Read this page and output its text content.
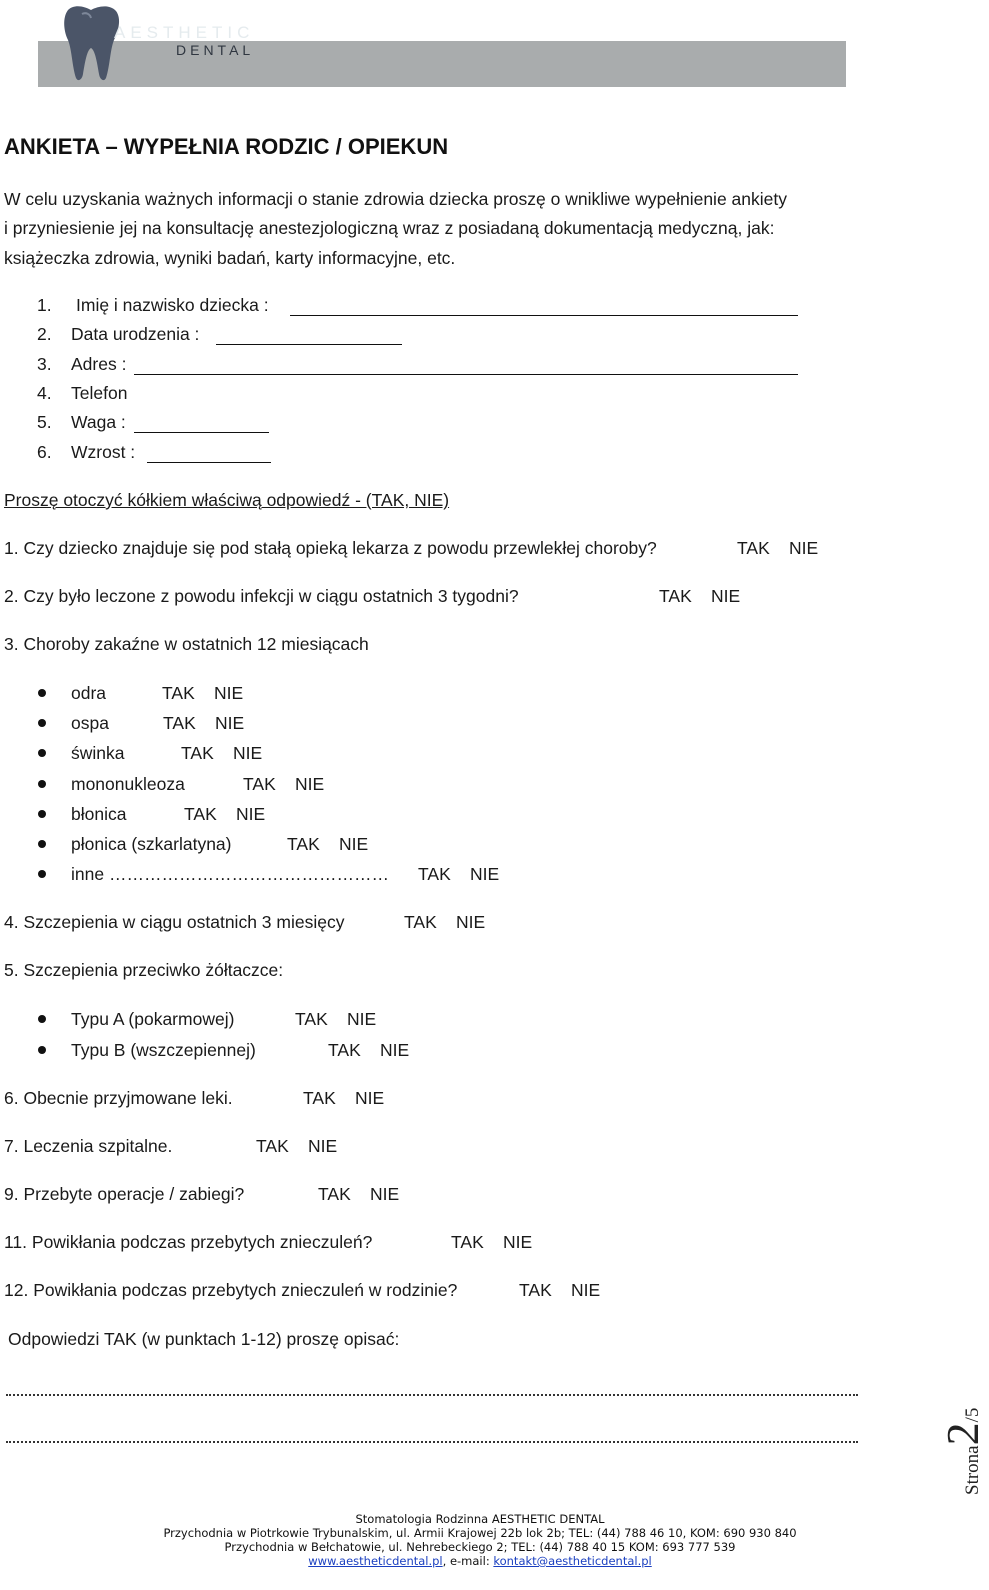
AESTHETIC
DENTAL
ANKIETA – WYPEŁNIA RODZIC / OPIEKUN
W celu uzyskania ważnych informacji o stanie zdrowia dziecka proszę o wnikliwe wypełnienie ankiety
i przyniesienie jej na konsultację anestezjologiczną wraz z posiadaną dokumentacją medyczną, jak:
książeczka zdrowia, wyniki badań, karty informacyjne, etc.
1. Imię i nazwisko dziecka :
2. Data urodzenia :
3. Adres :
4. Telefon
5. Waga :
6. Wzrost :
Proszę otoczyć kółkiem właściwą odpowiedź - (TAK, NIE)
1. Czy dziecko znajduje się pod stałą opieką lekarza z powodu przewlekłej choroby?	TAK NIE
2. Czy było leczone z powodu infekcji w ciągu ostatnich 3 tygodni?	TAK NIE
3. Choroby zakaźne w ostatnich 12 miesiącach
odra	TAK NIE
ospa	TAK NIE
świnka	TAK NIE
mononukleoza	TAK NIE
błonica	TAK NIE
płonica (szkarlatyna)	TAK NIE
inne ………………………………………… TAK NIE
4. Szczepienia w ciągu ostatnich 3 miesięcy	TAK NIE
5. Szczepienia przeciwko żółtaczce:
Typu A (pokarmowej)	TAK NIE
Typu B (wszczepiennej)	TAK NIE
6. Obecnie przyjmowane leki.	TAK NIE
7. Leczenia szpitalne.	TAK NIE
9. Przebyte operacje / zabiegi?	TAK NIE
11. Powikłania podczas przebytych znieczuleń?	TAK NIE
12. Powikłania podczas przebytych znieczuleń w rodzinie?	TAK NIE
Odpowiedzi TAK (w punktach 1-12) proszę opisać:
Strona2/5
Stomatologia Rodzinna AESTHETIC DENTAL
Przychodnia w Piotrkowie Trybunalskim, ul. Armii Krajowej 22b lok 2b; TEL: (44) 788 46 10, KOM: 690 930 840
Przychodnia w Bełchatowie, ul. Nehrebeckiego 2; TEL: (44) 788 40 15 KOM: 693 777 539
www.aestheticdental.pl, e-mail: kontakt@aestheticdental.pl
